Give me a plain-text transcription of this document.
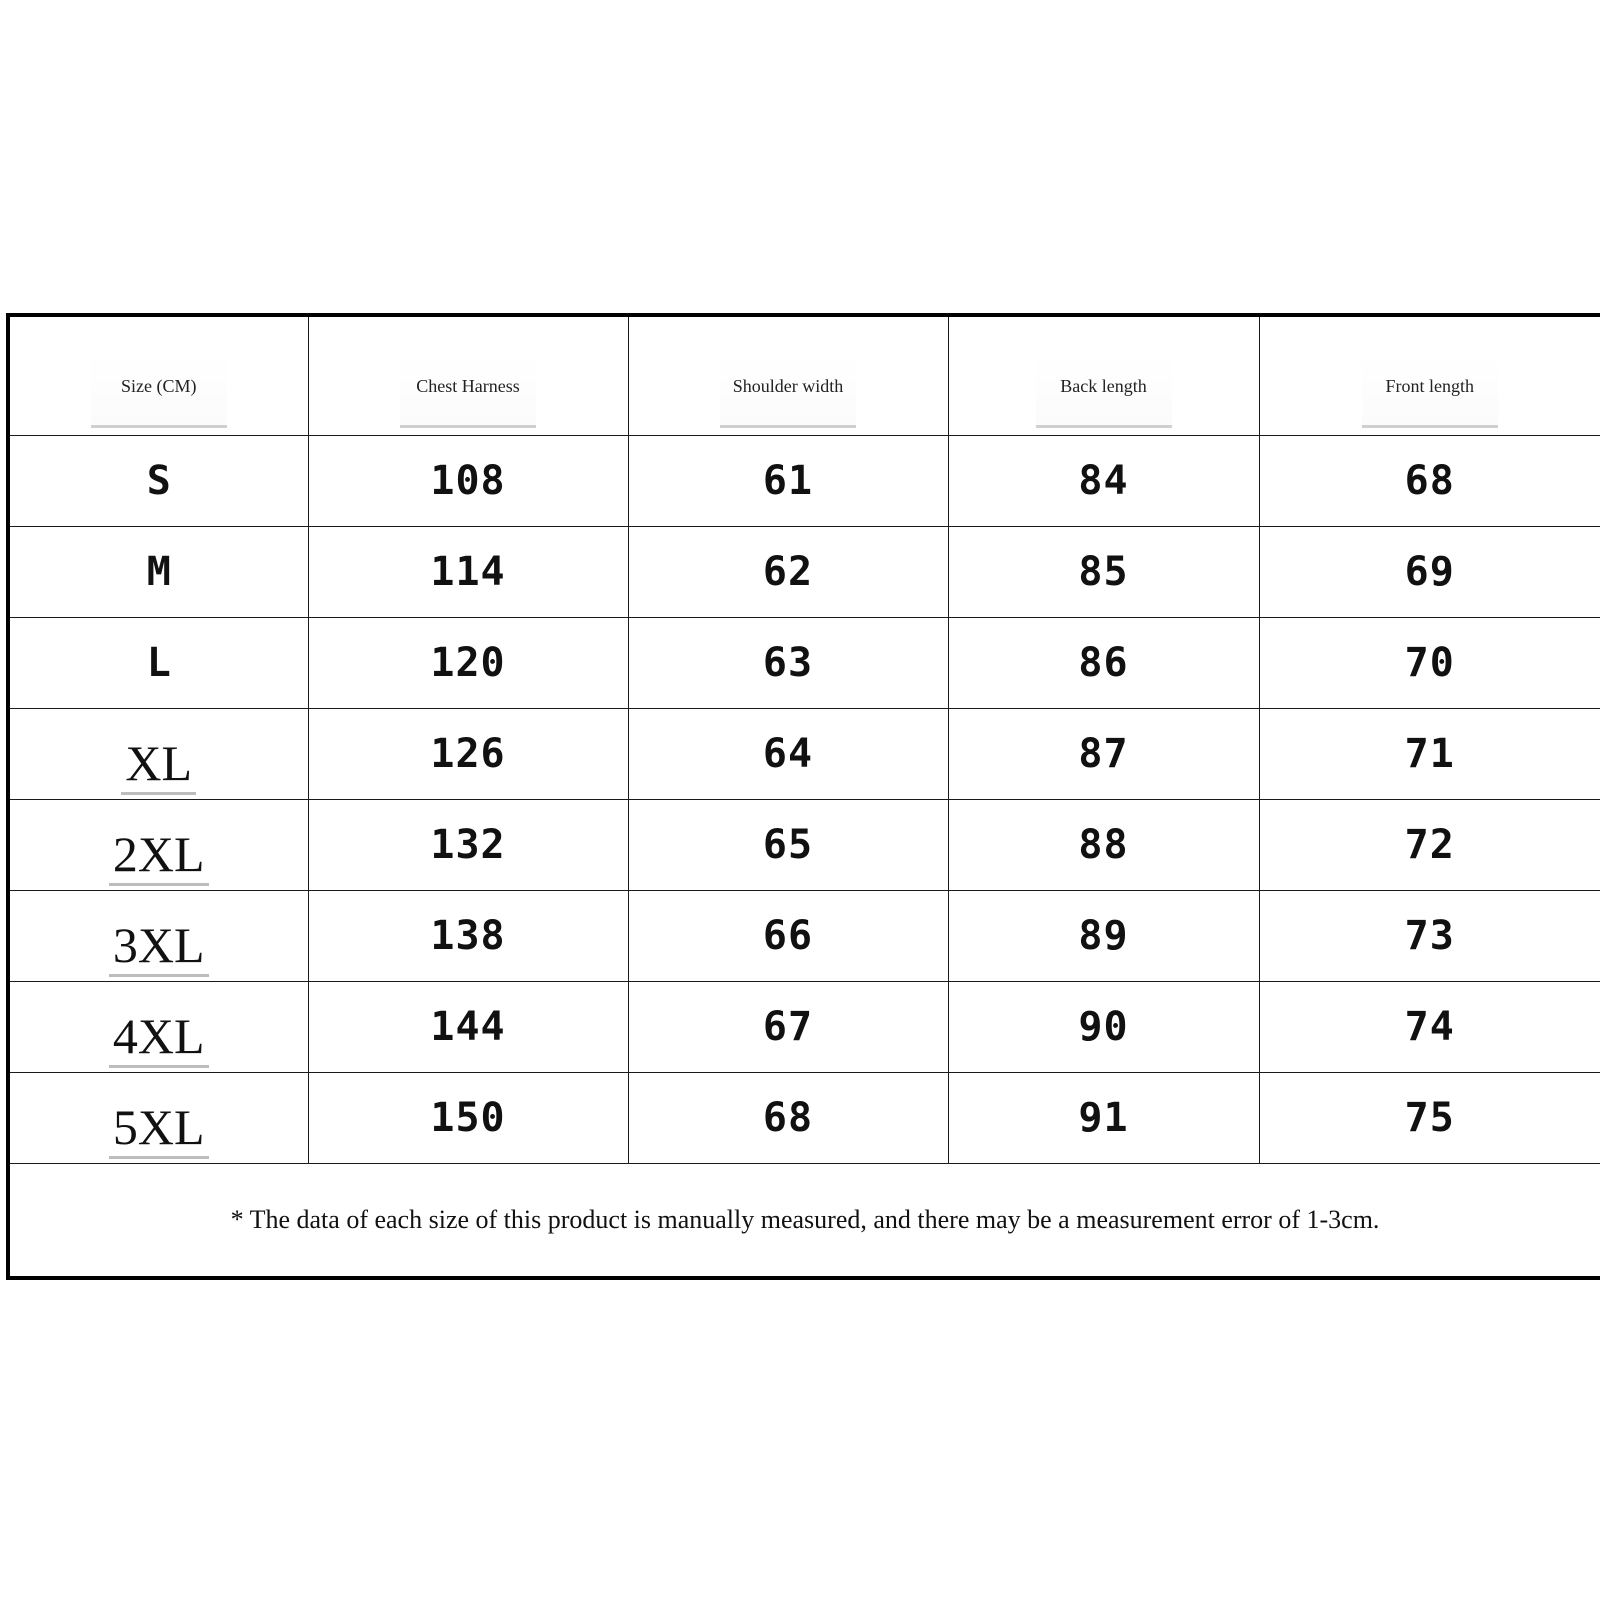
Size (CM)	Chest Harness	Shoulder width	Back length	Front length
S	108	61	84	68
M	114	62	85	69
L	120	63	86	70
XL	126	64	87	71
2XL	132	65	88	72
3XL	138	66	89	73
4XL	144	67	90	74
5XL	150	68	91	75
* The data of each size of this product is manually measured, and there may be a measurement error of 1-3cm.				
